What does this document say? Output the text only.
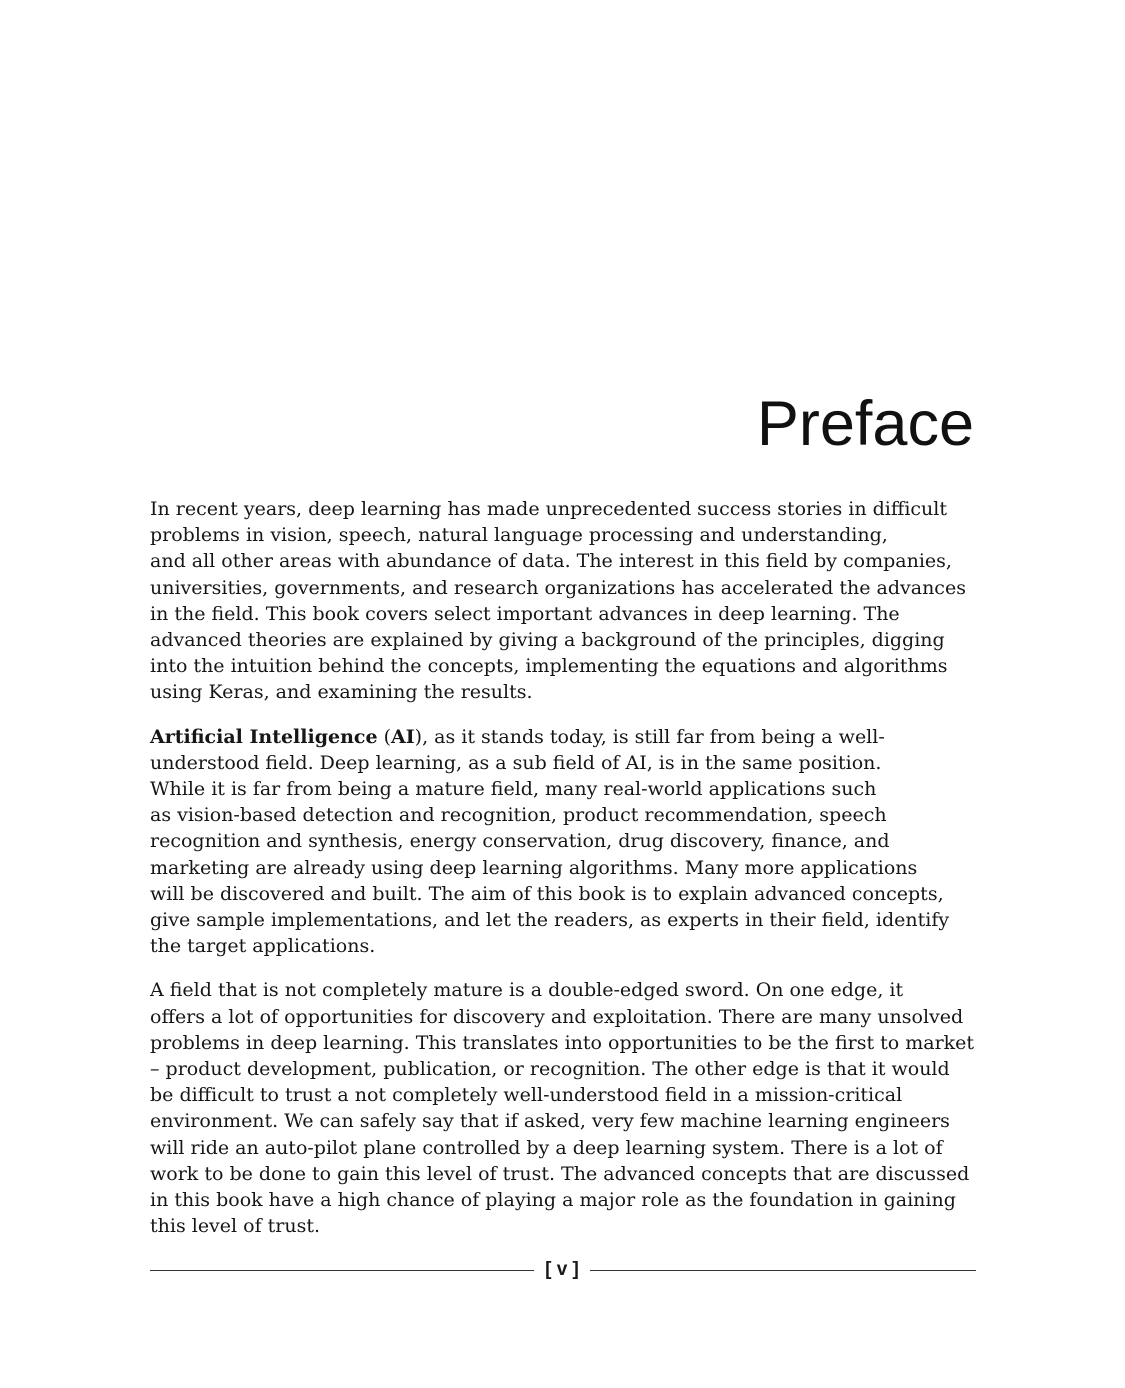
Preface

In recent years, deep learning has made unprecedented success stories in difficult
problems in vision, speech, natural language processing and understanding,
and all other areas with abundance of data. The interest in this field by companies,
universities, governments, and research organizations has accelerated the advances
in the field. This book covers select important advances in deep learning. The
advanced theories are explained by giving a background of the principles, digging
into the intuition behind the concepts, implementing the equations and algorithms
using Keras, and examining the results.

Artificial Intelligence (AI), as it stands today, is still far from being a well-
understood field. Deep learning, as a sub field of AI, is in the same position.
While it is far from being a mature field, many real-world applications such
as vision-based detection and recognition, product recommendation, speech
recognition and synthesis, energy conservation, drug discovery, finance, and
marketing are already using deep learning algorithms. Many more applications
will be discovered and built. The aim of this book is to explain advanced concepts,
give sample implementations, and let the readers, as experts in their field, identify
the target applications.

A field that is not completely mature is a double-edged sword. On one edge, it
offers a lot of opportunities for discovery and exploitation. There are many unsolved
problems in deep learning. This translates into opportunities to be the first to market
– product development, publication, or recognition. The other edge is that it would
be difficult to trust a not completely well-understood field in a mission-critical
environment. We can safely say that if asked, very few machine learning engineers
will ride an auto-pilot plane controlled by a deep learning system. There is a lot of
work to be done to gain this level of trust. The advanced concepts that are discussed
in this book have a high chance of playing a major role as the foundation in gaining
this level of trust.

[ v ]
